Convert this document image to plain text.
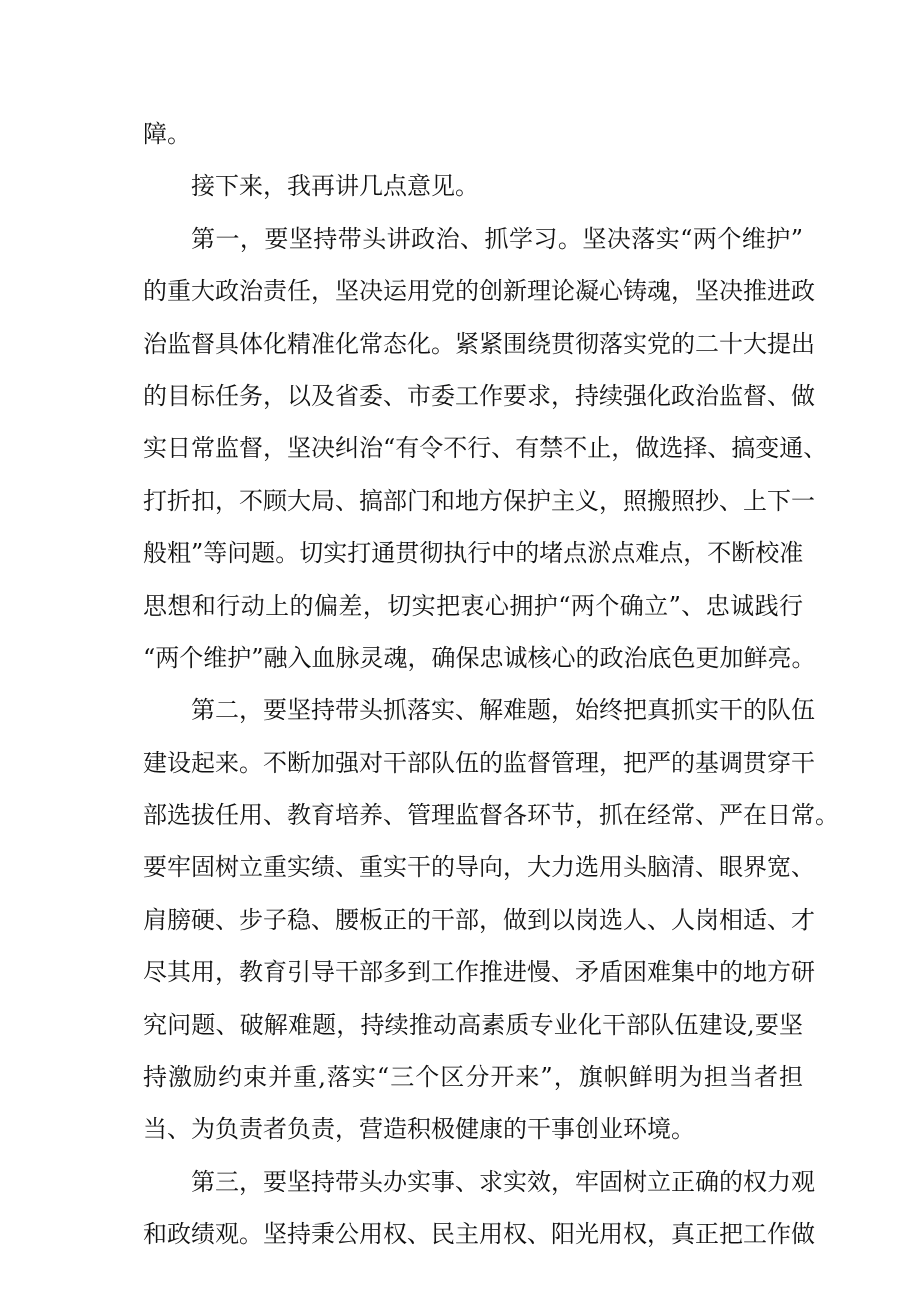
障。
接下来，我再讲几点意见。
第一，要坚持带头讲政治、抓学习。坚决落实“两个维护”
的重大政治责任，坚决运用党的创新理论凝心铸魂，坚决推进政
治监督具体化精准化常态化。紧紧围绕贯彻落实党的二十大提出
的目标任务，以及省委、市委工作要求，持续强化政治监督、做
实日常监督，坚决纠治“有令不行、有禁不止，做选择、搞变通、
打折扣，不顾大局、搞部门和地方保护主义，照搬照抄、上下一
般粗”等问题。切实打通贯彻执行中的堵点淤点难点，不断校准
思想和行动上的偏差，切实把衷心拥护“两个确立”、忠诚践行
“两个维护”融入血脉灵魂，确保忠诚核心的政治底色更加鲜亮。
第二，要坚持带头抓落实、解难题，始终把真抓实干的队伍
建设起来。不断加强对干部队伍的监督管理，把严的基调贯穿干
部选拔任用、教育培养、管理监督各环节，抓在经常、严在日常。
要牢固树立重实绩、重实干的导向，大力选用头脑清、眼界宽、
肩膀硬、步子稳、腰板正的干部，做到以岗选人、人岗相适、才
尽其用，教育引导干部多到工作推进慢、矛盾困难集中的地方研
究问题、破解难题，持续推动高素质专业化干部队伍建设,要坚
持激励约束并重,落实“三个区分开来”，旗帜鲜明为担当者担
当、为负责者负责，营造积极健康的干事创业环境。
第三，要坚持带头办实事、求实效，牢固树立正确的权力观
和政绩观。坚持秉公用权、民主用权、阳光用权，真正把工作做
